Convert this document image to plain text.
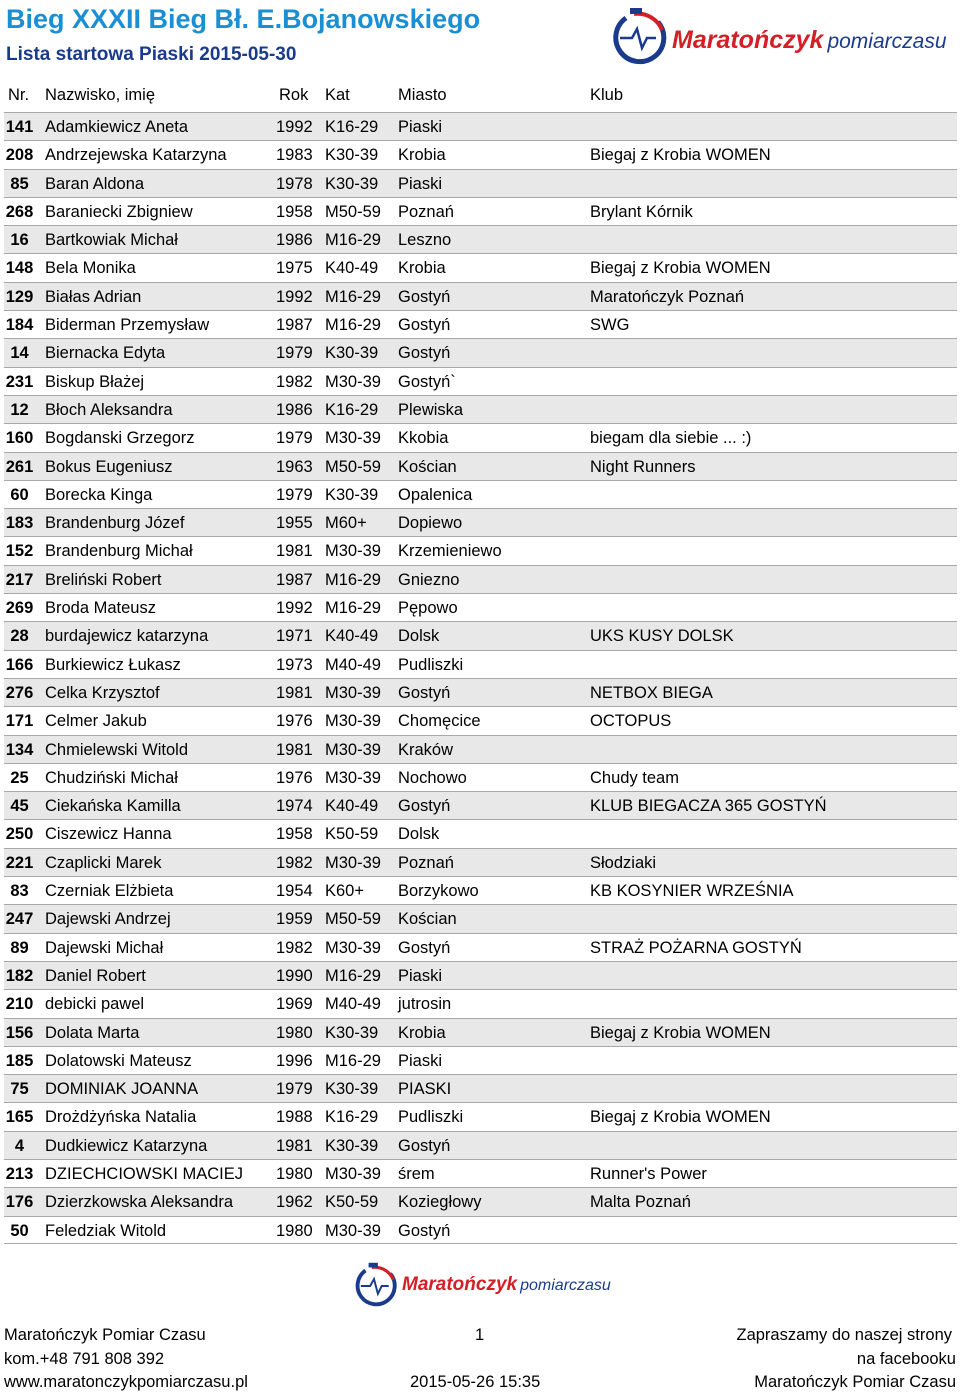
Bieg XXXII Bieg Bł. E.Bojanowskiego
Lista startowa Piaski 2015-05-30
Maratończyk pomiarczasu
Nr. Nazwisko, imię	Rok Kat	Miasto	Klub
141 Adamkiewicz Aneta	1992 K16-29 Piaski
208 Andrzejewska Katarzyna	1983 K30-39 Krobia	Biegaj z Krobia WOMEN
85 Baran Aldona	1978 K30-39 Piaski
268 Baraniecki Zbigniew	1958 M50-59 Poznań	Brylant Kórnik
16 Bartkowiak Michał	1986 M16-29 Leszno
148 Bela Monika	1975 K40-49 Krobia	Biegaj z Krobia WOMEN
129 Białas Adrian	1992 M16-29 Gostyń	Maratończyk Poznań
184 Biderman Przemysław	1987 M16-29 Gostyń	SWG
14 Biernacka Edyta	1979 K30-39 Gostyń
231 Biskup Błażej	1982 M30-39 Gostyń`
12 Błoch Aleksandra	1986 K16-29 Plewiska
160 Bogdanski Grzegorz	1979 M30-39 Kkobia	biegam dla siebie ... :)
261 Bokus Eugeniusz	1963 M50-59 Kościan	Night Runners
60 Borecka Kinga	1979 K30-39 Opalenica
183 Brandenburg Józef	1955 M60+ Dopiewo
152 Brandenburg Michał	1981 M30-39 Krzemieniewo
217 Breliński Robert	1987 M16-29 Gniezno
269 Broda Mateusz	1992 M16-29 Pępowo
28 burdajewicz katarzyna	1971 K40-49 Dolsk	UKS KUSY DOLSK
166 Burkiewicz Łukasz	1973 M40-49 Pudliszki
276 Celka Krzysztof	1981 M30-39 Gostyń	NETBOX BIEGA
171 Celmer Jakub	1976 M30-39 Chomęcice	OCTOPUS
134 Chmielewski Witold	1981 M30-39 Kraków
25 Chudziński Michał	1976 M30-39 Nochowo	Chudy team
45 Ciekańska Kamilla	1974 K40-49 Gostyń	KLUB BIEGACZA 365 GOSTYŃ
250 Ciszewicz Hanna	1958 K50-59 Dolsk
221 Czaplicki Marek	1982 M30-39 Poznań	Słodziaki
83 Czerniak Elżbieta	1954 K60+ Borzykowo	KB KOSYNIER WRZEŚNIA
247 Dajewski Andrzej	1959 M50-59 Kościan
89 Dajewski Michał	1982 M30-39 Gostyń	STRAŻ POŻARNA GOSTYŃ
182 Daniel Robert	1990 M16-29 Piaski
210 debicki pawel	1969 M40-49 jutrosin
156 Dolata Marta	1980 K30-39 Krobia	Biegaj z Krobia WOMEN
185 Dolatowski Mateusz	1996 M16-29 Piaski
75 DOMINIAK JOANNA	1979 K30-39 PIASKI
165 Drożdżyńska Natalia	1988 K16-29 Pudliszki	Biegaj z Krobia WOMEN
4	Dudkiewicz Katarzyna	1981 K30-39 Gostyń
213 DZIECHCIOWSKI MACIEJ 1980 M30-39 śrem	Runner's Power
176 Dzierzkowska Aleksandra	1962 K50-59 Koziegłowy	Malta Poznań
50 Feledziak Witold	1980 M30-39 Gostyń
Maratończyk pomiarczasu
Maratończyk Pomiar Czasu
kom.+48 791 808 392
www.maratonczykpomiarczasu.pl
1
2015-05-26 15:35
Zapraszamy do naszej strony
na facebooku
Maratończyk Pomiar Czasu
